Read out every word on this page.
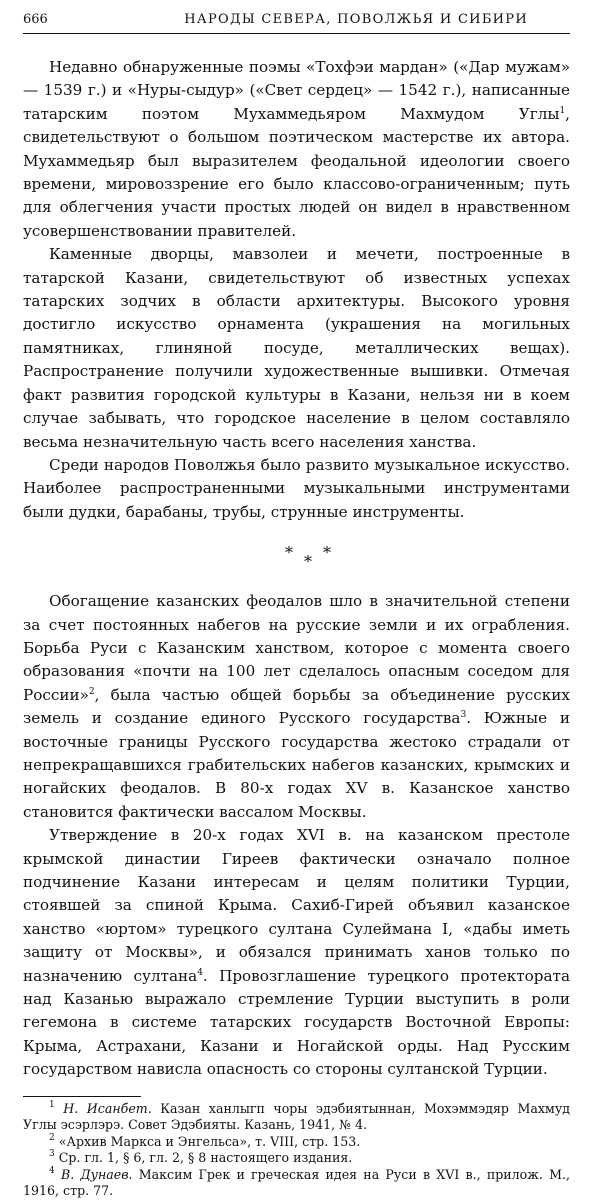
666	НАРОДЫ СЕВЕРА, ПОВОЛЖЬЯ И СИБИРИ

Недавно обнаруженные поэмы «Тохфэи мардан» («Дар мужам» — 1539 г.) и «Нуры-сыдур» («Свет сердец» — 1542 г.), написанные татарским поэтом Мухаммедьяром Махмудом Углы$^1$, свидетельствуют о большом поэтическом мастерстве их автора. Мухаммедьяр был выразителем феодальной идеологии своего времени, мировоззрение его было классово-ограниченным; путь для облегчения участи простых людей он видел в нравственном усовершенствовании правителей.

Каменные дворцы, мавзолеи и мечети, построенные в татарской Казани, свидетельствуют об известных успехах татарских зодчих в области архитектуры. Высокого уровня достигло искусство орнамента (украшения на могильных памятниках, глиняной посуде, металлических вещах). Распространение получили художественные вышивки. Отмечая факт развития городской культуры в Казани, нельзя ни в коем случае забывать, что городское население в целом составляло весьма незначительную часть всего населения ханства.

Среди народов Поволжья было развито музыкальное искусство. Наиболее распространенными музыкальными инструментами были дудки, барабаны, трубы, струнные инструменты.

* * *

Обогащение казанских феодалов шло в значительной степени за счет постоянных набегов на русские земли и их ограбления. Борьба Руси с Казанским ханством, которое с момента своего образования «почти на 100 лет сделалось опасным соседом для России»$^2$, была частью общей борьбы за объединение русских земель и создание единого Русского государства$^3$. Южные и восточные границы Русского государства жестоко страдали от непрекращавшихся грабительских набегов казанских, крымских и ногайских феодалов. В 80-х годах XV в. Казанское ханство становится фактически вассалом Москвы.

Утверждение в 20-х годах XVI в. на казанском престоле крымской династии Гиреев фактически означало полное подчинение Казани интересам и целям политики Турции, стоявшей за спиной Крыма. Сахиб-Гирей объявил казанское ханство «юртом» турецкого султана Сулеймана I, «дабы иметь защиту от Москвы», и обязался принимать ханов только по назначению султана$^4$. Провозглашение турецкого протектората над Казанью выражало стремление Турции выступить в роли гегемона в системе татарских государств Восточной Европы: Крыма, Астрахани, Казани и Ногайской орды. Над Русским государством нависла опасность со стороны султанской Турции.

$^1$ Н. Исанбет. Казан ханлыгп чоры эдэбиятыннан, Мохэммэдяр Махмуд Углы эсэрлэрэ. Совет Эдэбияты. Казань, 1941, № 4.

$^2$ «Архив Маркса и Энгельса», т. VIII, стр. 153.

$^3$ Ср. гл. 1, § 6, гл. 2, § 8 настоящего издания.

$^4$ В. Дунаев. Максим Грек и греческая идея на Руси в XVI в., прилож. М., 1916, стр. 77.
